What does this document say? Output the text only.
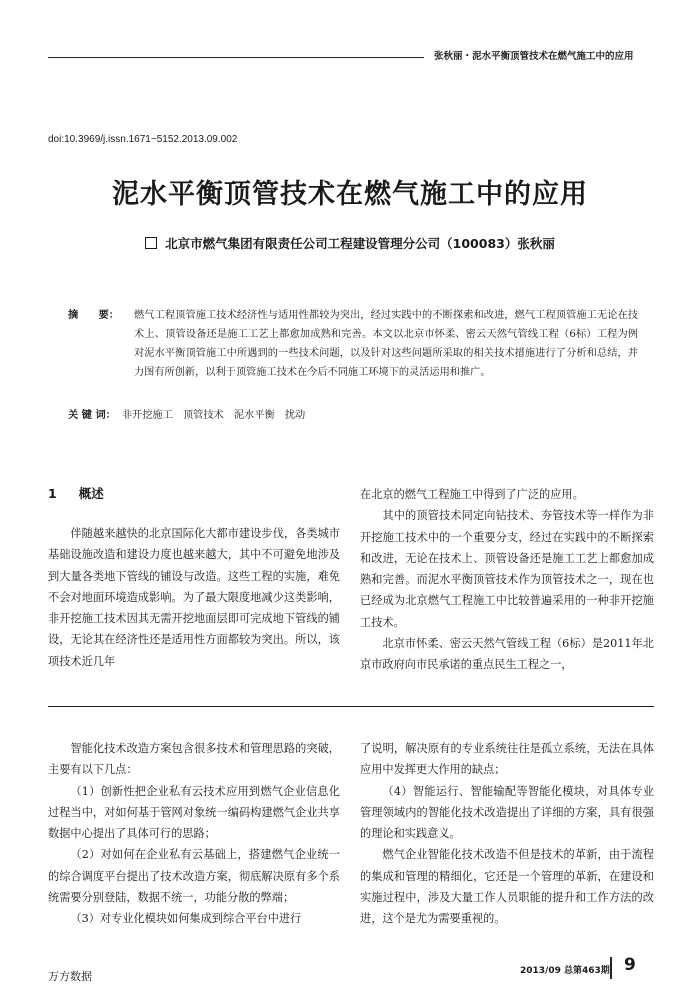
张秋丽・泥水平衡顶管技术在燃气施工中的应用
doi:10.3969/j.issn.1671−5152.2013.09.002
泥水平衡顶管技术在燃气施工中的应用
北京市燃气集团有限责任公司工程建设管理分公司（100083）张秋丽
摘　　要： 燃气工程顶管施工技术经济性与适用性都较为突出，经过实践中的不断探索和改进，燃气工程顶管施工无论在技术上、顶管设备还是施工工艺上都愈加成熟和完善。本文以北京市怀柔、密云天然气管线工程（6标）工程为例对泥水平衡顶管施工中所遇到的一些技术问题，以及针对这些问题所采取的相关技术措施进行了分析和总结，并力图有所创新，以利于顶管施工技术在今后不同施工环境下的灵活运用和推广。
关 键 词： 非开挖施工　顶管技术　泥水平衡　扰动
1 概述

伴随越来越快的北京国际化大都市建设步伐，各类城市基础设施改造和建设力度也越来越大，其中不可避免地涉及到大量各类地下管线的铺设与改造。这些工程的实施，难免不会对地面环境造成影响。为了最大限度地减少这类影响，非开挖施工技术因其无需开挖地面层即可完成地下管线的铺设，无论其在经济性还是适用性方面都较为突出。所以，该项技术近几年

在北京的燃气工程施工中得到了广泛的应用。

其中的顶管技术同定向钻技术、夯管技术等一样作为非开挖施工技术中的一个重要分支，经过在实践中的不断探索和改进，无论在技术上、顶管设备还是施工工艺上都愈加成熟和完善。而泥水平衡顶管技术作为顶管技术之一，现在也已经成为北京燃气工程施工中比较普遍采用的一种非开挖施工技术。

北京市怀柔、密云天然气管线工程（6标）是2011年北京市政府向市民承诺的重点民生工程之一，

智能化技术改造方案包含很多技术和管理思路的突破，主要有以下几点：

（1）创新性把企业私有云技术应用到燃气企业信息化过程当中，对如何基于管网对象统一编码构建燃气企业共享数据中心提出了具体可行的思路；

（2）对如何在企业私有云基础上，搭建燃气企业统一的综合调度平台提出了技术改造方案，彻底解决原有多个系统需要分别登陆，数据不统一，功能分散的弊端；

（3）对专业化模块如何集成到综合平台中进行

了说明，解决原有的专业系统往往是孤立系统，无法在具体应用中发挥更大作用的缺点；

（4）智能运行、智能输配等智能化模块，对具体专业管理领域内的智能化技术改造提出了详细的方案，具有很强的理论和实践意义。

燃气企业智能化技术改造不但是技术的革新，由于流程的集成和管理的精细化，它还是一个管理的革新，在建设和实施过程中，涉及大量工作人员职能的提升和工作方法的改进，这个是尤为需要重视的。

万方数据	2013/09 总第463期 9
